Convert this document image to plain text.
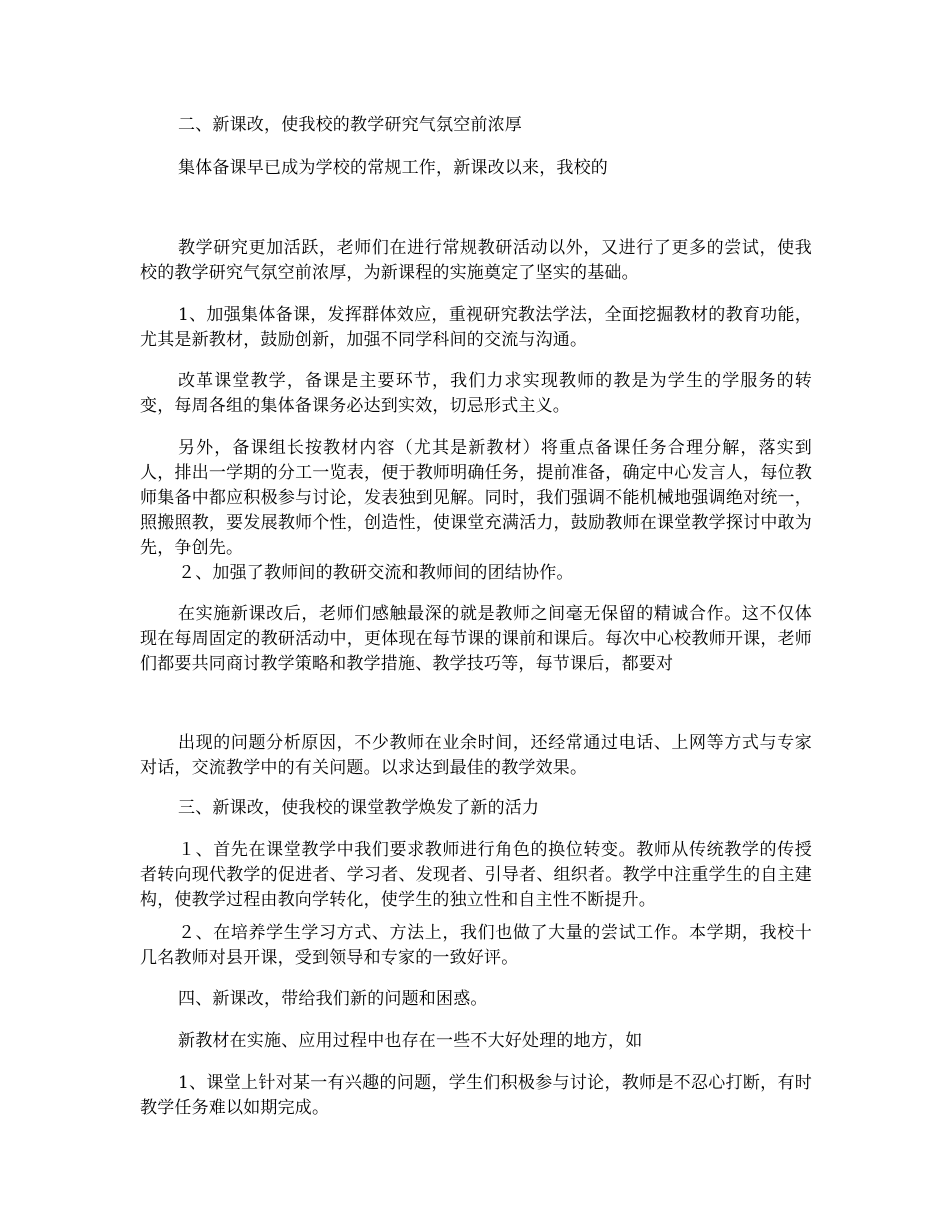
二、新课改，使我校的教学研究气氛空前浓厚

集体备课早已成为学校的常规工作，新课改以来，我校的

教学研究更加活跃，老师们在进行常规教研活动以外，又进行了更多的尝试，使我校的教学研究气氛空前浓厚，为新课程的实施奠定了坚实的基础。

1、加强集体备课，发挥群体效应，重视研究教法学法，全面挖掘教材的教育功能，尤其是新教材，鼓励创新，加强不同学科间的交流与沟通。

改革课堂教学，备课是主要环节，我们力求实现教师的教是为学生的学服务的转变，每周各组的集体备课务必达到实效，切忌形式主义。

另外，备课组长按教材内容（尤其是新教材）将重点备课任务合理分解，落实到人，排出一学期的分工一览表，便于教师明确任务，提前准备，确定中心发言人，每位教师集备中都应积极参与讨论，发表独到见解。同时，我们强调不能机械地强调绝对统一，照搬照教，要发展教师个性，创造性，使课堂充满活力，鼓励教师在课堂教学探讨中敢为先，争创先。

２、加强了教师间的教研交流和教师间的团结协作。

在实施新课改后，老师们感触最深的就是教师之间毫无保留的精诚合作。这不仅体现在每周固定的教研活动中，更体现在每节课的课前和课后。每次中心校教师开课，老师们都要共同商讨教学策略和教学措施、教学技巧等，每节课后，都要对

出现的问题分析原因，不少教师在业余时间，还经常通过电话、上网等方式与专家对话，交流教学中的有关问题。以求达到最佳的教学效果。

三、新课改，使我校的课堂教学焕发了新的活力

１、首先在课堂教学中我们要求教师进行角色的换位转变。教师从传统教学的传授者转向现代教学的促进者、学习者、发现者、引导者、组织者。教学中注重学生的自主建构，使教学过程由教向学转化，使学生的独立性和自主性不断提升。

２、在培养学生学习方式、方法上，我们也做了大量的尝试工作。本学期，我校十几名教师对县开课，受到领导和专家的一致好评。

四、新课改，带给我们新的问题和困惑。

新教材在实施、应用过程中也存在一些不大好处理的地方，如

1、课堂上针对某一有兴趣的问题，学生们积极参与讨论，教师是不忍心打断，有时教学任务难以如期完成。
